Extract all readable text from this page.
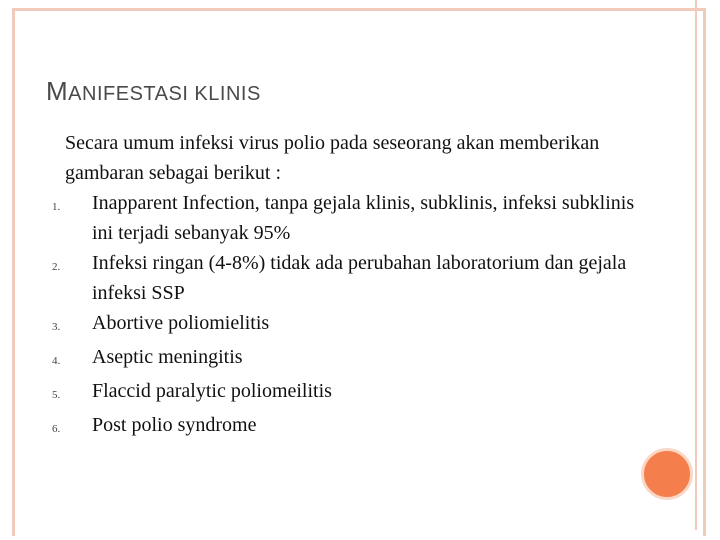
MANIFESTASI KLINIS
Secara umum infeksi virus polio pada seseorang akan memberikan gambaran sebagai berikut :
1.	Inapparent Infection, tanpa gejala klinis, subklinis, infeksi subklinis ini terjadi sebanyak 95%
2.	Infeksi ringan (4-8%) tidak ada perubahan laboratorium dan gejala infeksi SSP
3.	Abortive poliomielitis
4.	Aseptic meningitis
5.	Flaccid paralytic poliomeilitis
6.	Post polio syndrome
